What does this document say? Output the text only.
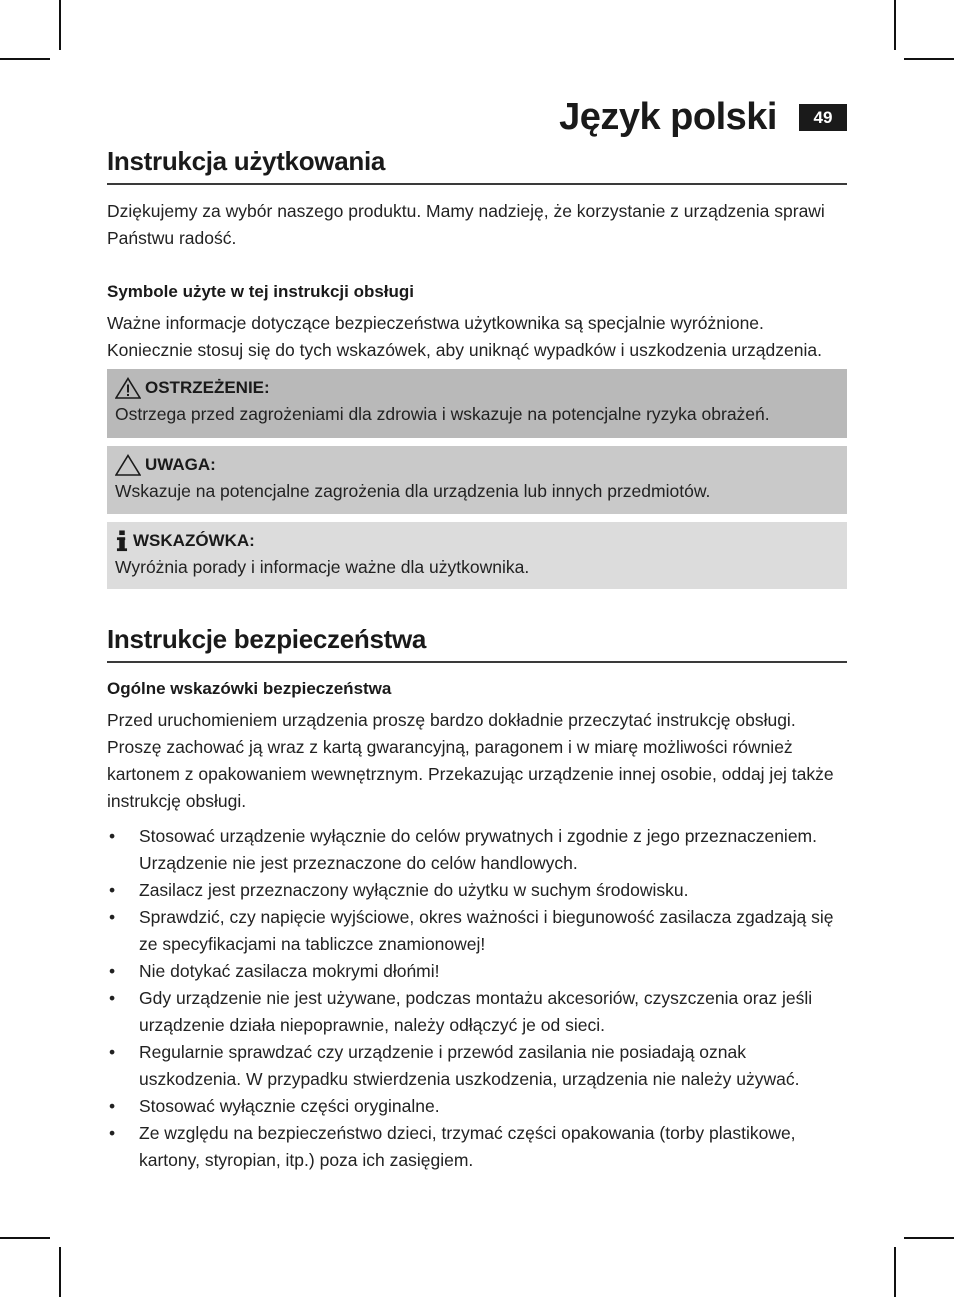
Język polski	49
Instrukcja użytkowania

Dziękujemy za wybór naszego produktu. Mamy nadzieję, że korzystanie z urządzenia sprawi Państwu radość.

Symbole użyte w tej instrukcji obsługi

Ważne informacje dotyczące bezpieczeństwa użytkownika są specjalnie wyróżnione. Koniecznie stosuj się do tych wskazówek, aby uniknąć wypadków i uszkodzenia urządzenia.

OSTRZEŻENIE:
Ostrzega przed zagrożeniami dla zdrowia i wskazuje na potencjalne ryzyka obrażeń.
UWAGA:
Wskazuje na potencjalne zagrożenia dla urządzenia lub innych przedmiotów.
WSKAZÓWKA:
Wyróżnia porady i informacje ważne dla użytkownika.
Instrukcje bezpieczeństwa
Ogólne wskazówki bezpieczeństwa

Przed uruchomieniem urządzenia proszę bardzo dokładnie przeczytać instrukcję obsługi. Proszę zachować ją wraz z kartą gwarancyjną, paragonem i w miarę możliwości również kartonem z opakowaniem wewnętrznym. Przekazując urządzenie innej osobie, oddaj jej także instrukcję obsługi.

• Stosować urządzenie wyłącznie do celów prywatnych i zgodnie z jego przeznaczeniem. Urządzenie nie jest przeznaczone do celów handlowych.
• Zasilacz jest przeznaczony wyłącznie do użytku w suchym środowisku.
• Sprawdzić, czy napięcie wyjściowe, okres ważności i biegunowość zasilacza zgadzają się ze specyfikacjami na tabliczce znamionowej!
• Nie dotykać zasilacza mokrymi dłońmi!
• Gdy urządzenie nie jest używane, podczas montażu akcesoriów, czyszczenia oraz jeśli urządzenie działa niepoprawnie, należy odłączyć je od sieci.
• Regularnie sprawdzać czy urządzenie i przewód zasilania nie posiadają oznak uszkodzenia. W przypadku stwierdzenia uszkodzenia, urządzenia nie należy używać.
• Stosować wyłącznie części oryginalne.
• Ze względu na bezpieczeństwo dzieci, trzymać części opakowania (torby plastikowe, kartony, styropian, itp.) poza ich zasięgiem.
